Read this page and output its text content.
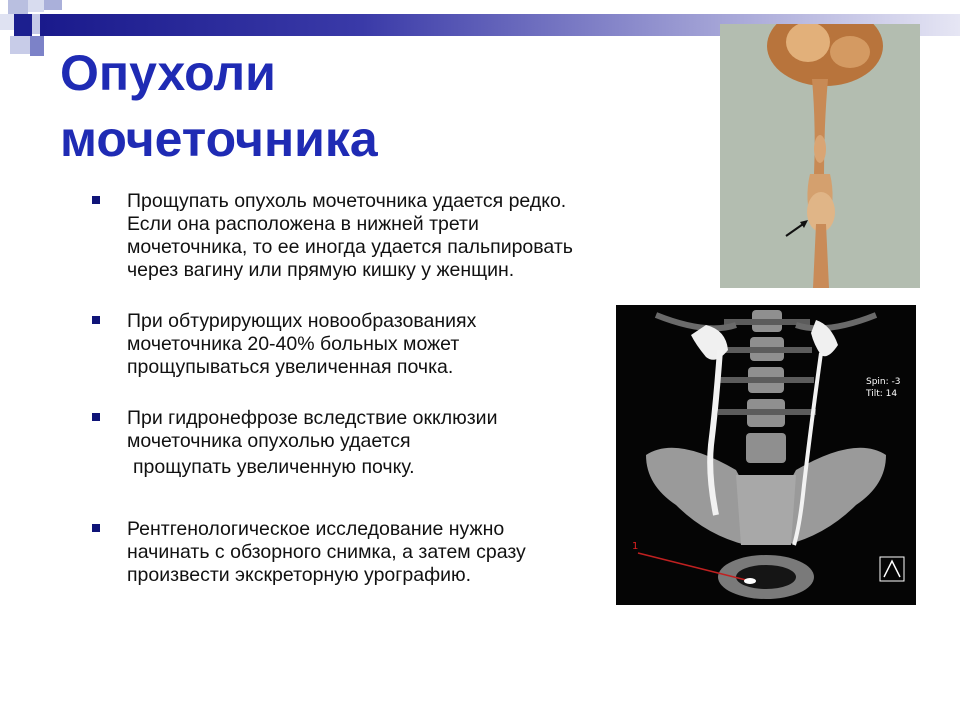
Опухоли
мочеточника
Прощупать опухоль мочеточника удается редко. Если она расположена в нижней трети мочеточника, то ее иногда удается пальпировать через вагину или прямую кишку у женщин.
При обтурирующих новообразованиях мочеточника 20-40% больных может прощупываться увеличенная почка.
При гидронефрозе вследствие окклюзии мочеточника опухолью удается
прощупать увеличенную почку.
Рентгенологическое исследование нужно начинать с обзорного снимка, а затем сразу произвести экскреторную урографию.
Spin: -3
Tilt: 14
1
